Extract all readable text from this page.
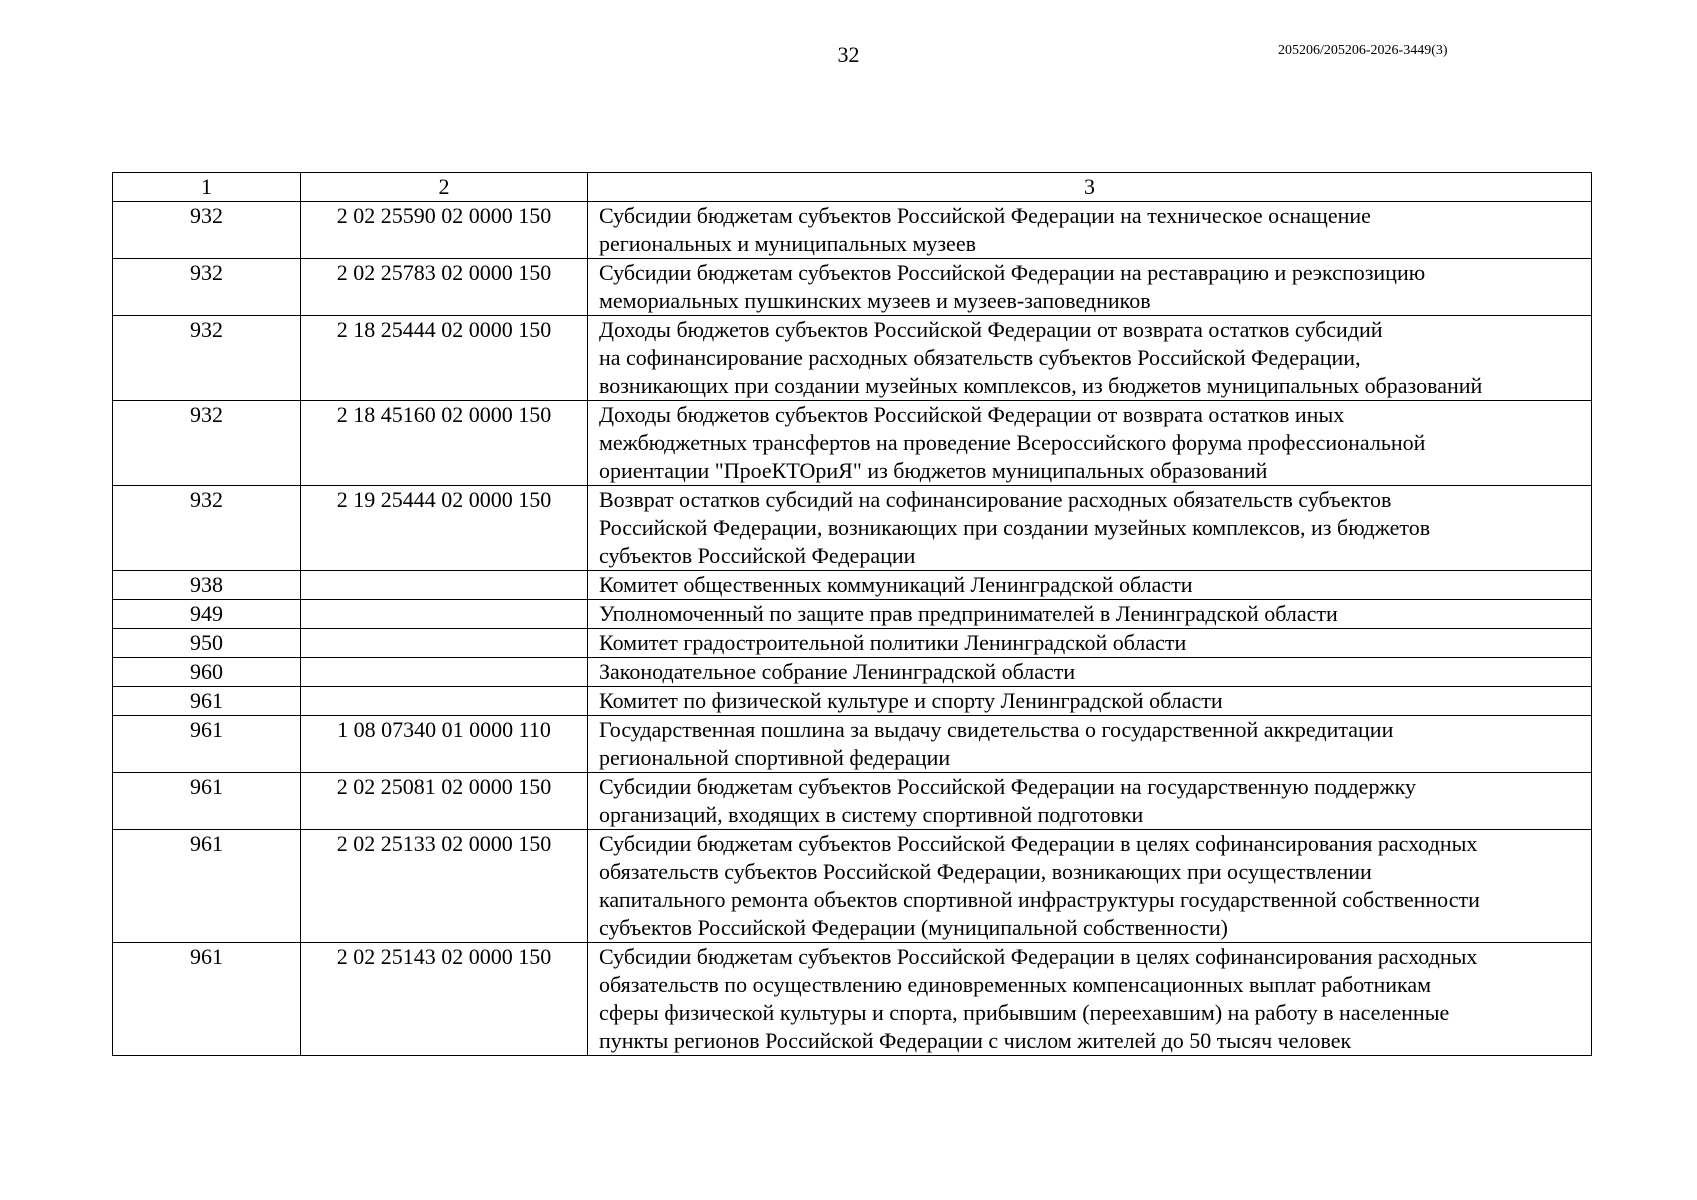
32	205206/205206-2026-3449(3)
1	2	3
932	2 02 25590 02 0000 150	Субсидии бюджетам субъектов Российской Федерации на техническое оснащение
региональных и муниципальных музеев
932	2 02 25783 02 0000 150	Субсидии бюджетам субъектов Российской Федерации на реставрацию и реэкспозицию
мемориальных пушкинских музеев и музеев-заповедников
932	2 18 25444 02 0000 150	Доходы бюджетов субъектов Российской Федерации от возврата остатков субсидий
на софинансирование расходных обязательств субъектов Российской Федерации,
возникающих при создании музейных комплексов, из бюджетов муниципальных образований
932	2 18 45160 02 0000 150	Доходы бюджетов субъектов Российской Федерации от возврата остатков иных
межбюджетных трансфертов на проведение Всероссийского форума профессиональной
ориентации "ПроеКТОриЯ" из бюджетов муниципальных образований
932	2 19 25444 02 0000 150	Возврат остатков субсидий на софинансирование расходных обязательств субъектов
Российской Федерации, возникающих при создании музейных комплексов, из бюджетов
субъектов Российской Федерации
938		Комитет общественных коммуникаций Ленинградской области
949		Уполномоченный по защите прав предпринимателей в Ленинградской области
950		Комитет градостроительной политики Ленинградской области
960		Законодательное собрание Ленинградской области
961		Комитет по физической культуре и спорту Ленинградской области
961	1 08 07340 01 0000 110	Государственная пошлина за выдачу свидетельства о государственной аккредитации
региональной спортивной федерации
961	2 02 25081 02 0000 150	Субсидии бюджетам субъектов Российской Федерации на государственную поддержку
организаций, входящих в систему спортивной подготовки
961	2 02 25133 02 0000 150	Субсидии бюджетам субъектов Российской Федерации в целях софинансирования расходных
обязательств субъектов Российской Федерации, возникающих при осуществлении
капитального ремонта объектов спортивной инфраструктуры государственной собственности
субъектов Российской Федерации (муниципальной собственности)
961	2 02 25143 02 0000 150	Субсидии бюджетам субъектов Российской Федерации в целях софинансирования расходных
обязательств по осуществлению единовременных компенсационных выплат работникам
сферы физической культуры и спорта, прибывшим (переехавшим) на работу в населенные
пункты регионов Российской Федерации с числом жителей до 50 тысяч человек
